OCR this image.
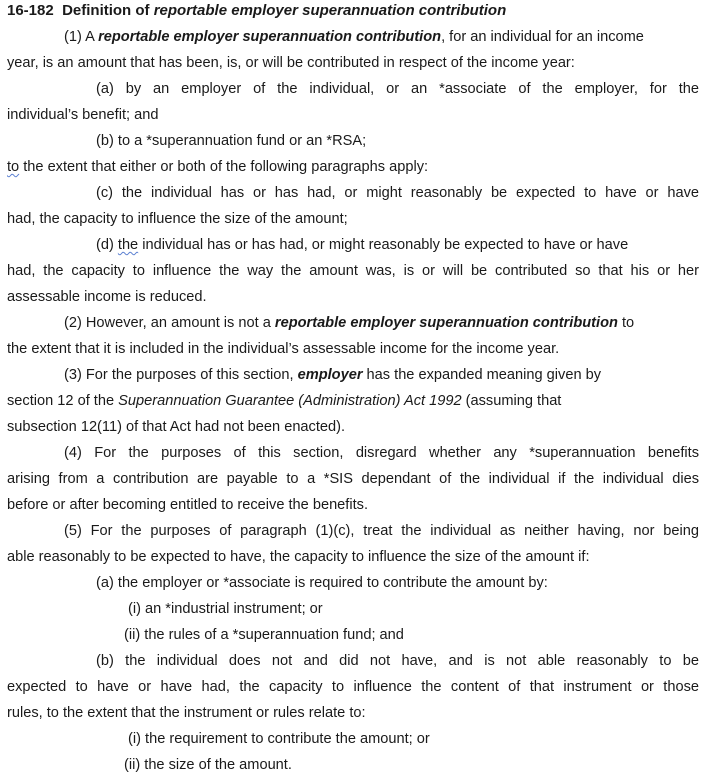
16-182 Definition of reportable employer superannuation contribution
(1) A reportable employer superannuation contribution, for an individual for an income
year, is an amount that has been, is, or will be contributed in respect of the income year:
(a) by an employer of the individual, or an *associate of the employer, for the
individual’s benefit; and
(b) to a *superannuation fund or an *RSA;
to the extent that either or both of the following paragraphs apply:
(c) the individual has or has had, or might reasonably be expected to have or have
had, the capacity to influence the size of the amount;
(d) the individual has or has had, or might reasonably be expected to have or have
had, the capacity to influence the way the amount was, is or will be contributed so that his or her
assessable income is reduced.
(2) However, an amount is not a reportable employer superannuation contribution to
the extent that it is included in the individual’s assessable income for the income year.
(3) For the purposes of this section, employer has the expanded meaning given by
section 12 of the Superannuation Guarantee (Administration) Act 1992 (assuming that
subsection 12(11) of that Act had not been enacted).
(4) For the purposes of this section, disregard whether any *superannuation benefits
arising from a contribution are payable to a *SIS dependant of the individual if the individual dies
before or after becoming entitled to receive the benefits.
(5) For the purposes of paragraph (1)(c), treat the individual as neither having, nor being
able reasonably to be expected to have, the capacity to influence the size of the amount if:
(a) the employer or *associate is required to contribute the amount by:
(i) an *industrial instrument; or
(ii) the rules of a *superannuation fund; and
(b) the individual does not and did not have, and is not able reasonably to be
expected to have or have had, the capacity to influence the content of that instrument or those
rules, to the extent that the instrument or rules relate to:
(i) the requirement to contribute the amount; or
(ii) the size of the amount.
